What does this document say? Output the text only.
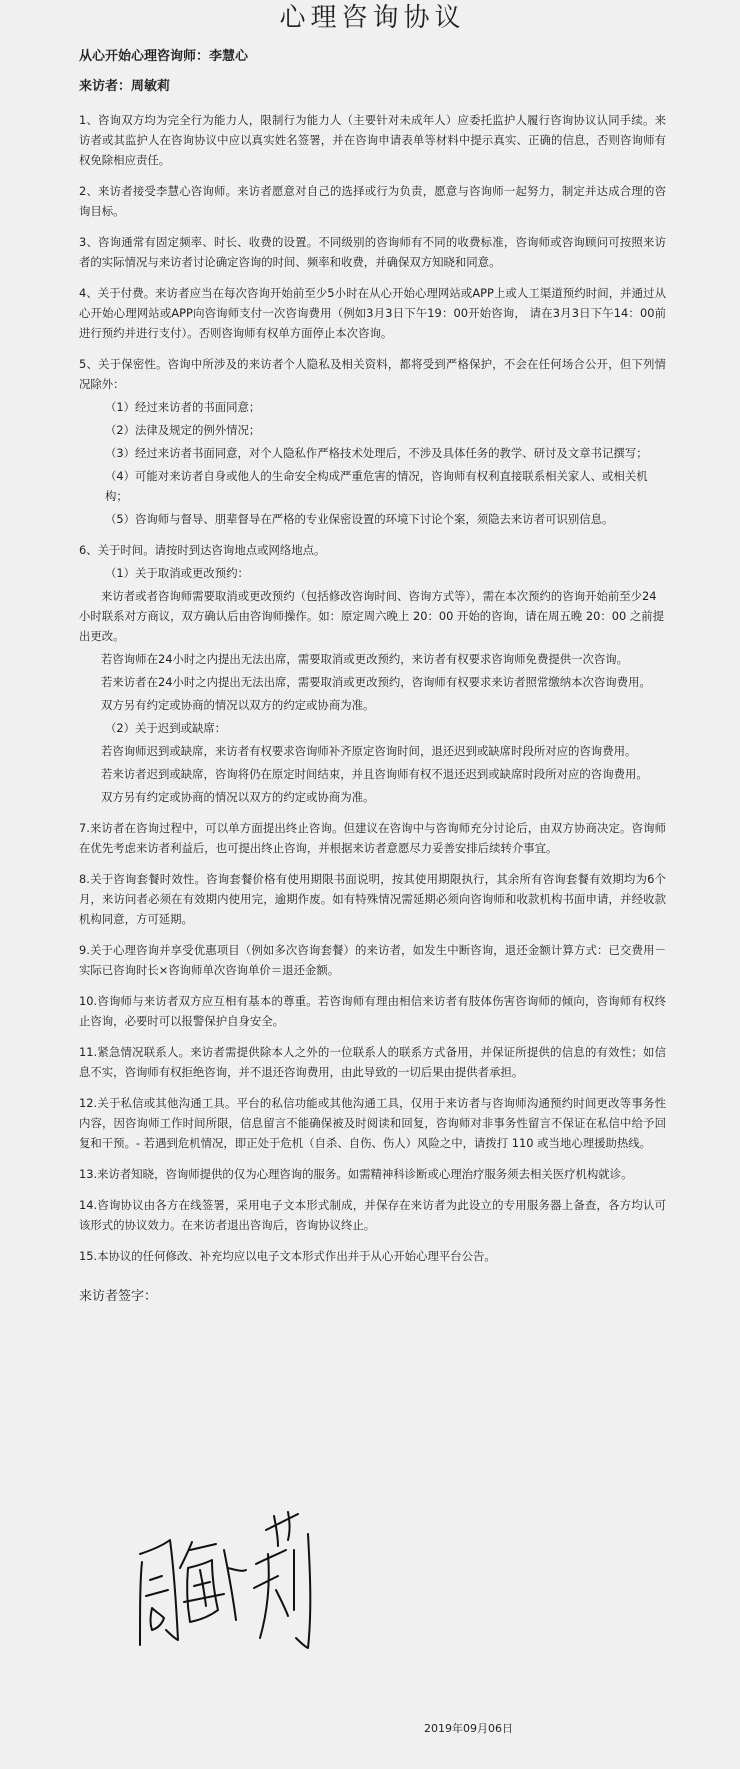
心理咨询协议
从心开始心理咨询师：李慧心
来访者：周敏莉

1、咨询双方均为完全行为能力人，限制行为能力人（主要针对未成年人）应委托监护人履行咨询协议认同手续。来访者或其监护人在咨询协议中应以真实姓名签署，并在咨询申请表单等材料中提示真实、正确的信息，否则咨询师有权免除相应责任。

2、来访者接受李慧心咨询师。来访者愿意对自己的选择或行为负责，愿意与咨询师一起努力，制定并达成合理的咨询目标。

3、咨询通常有固定频率、时长、收费的设置。不同级别的咨询师有不同的收费标准，咨询师或咨询顾问可按照来访者的实际情况与来访者讨论确定咨询的时间、频率和收费，并确保双方知晓和同意。

4、关于付费。来访者应当在每次咨询开始前至少5小时在从心开始心理网站或APP上或人工渠道预约时间，并通过从心开始心理网站或APP向咨询师支付一次咨询费用（例如3月3日下午19：00开始咨询， 请在3月3日下午14：00前进行预约并进行支付）。否则咨询师有权单方面停止本次咨询。

5、关于保密性。咨询中所涉及的来访者个人隐私及相关资料，都将受到严格保护，不会在任何场合公开，但下列情况除外：

（1）经过来访者的书面同意；
（2）法律及规定的例外情况；
（3）经过来访者书面同意，对个人隐私作严格技术处理后，不涉及具体任务的教学、研讨及文章书记撰写；
（4）可能对来访者自身或他人的生命安全构成严重危害的情况，咨询师有权利直接联系相关家人、或相关机构；
（5）咨询师与督导、朋辈督导在严格的专业保密设置的环境下讨论个案，须隐去来访者可识别信息。

6、关于时间。请按时到达咨询地点或网络地点。

（1）关于取消或更改预约：
来访者或者咨询师需要取消或更改预约（包括修改咨询时间、咨询方式等），需在本次预约的咨询开始前至少24小时联系对方商议，双方确认后由咨询师操作。如：原定周六晚上 20：00 开始的咨询，请在周五晚 20：00 之前提出更改。
若咨询师在24小时之内提出无法出席，需要取消或更改预约，来访者有权要求咨询师免费提供一次咨询。
若来访者在24小时之内提出无法出席，需要取消或更改预约，咨询师有权要求来访者照常缴纳本次咨询费用。
双方另有约定或协商的情况以双方的约定或协商为准。
（2）关于迟到或缺席：
若咨询师迟到或缺席，来访者有权要求咨询师补齐原定咨询时间，退还迟到或缺席时段所对应的咨询费用。
若来访者迟到或缺席，咨询将仍在原定时间结束，并且咨询师有权不退还迟到或缺席时段所对应的咨询费用。
双方另有约定或协商的情况以双方的约定或协商为准。

7.来访者在咨询过程中，可以单方面提出终止咨询。但建议在咨询中与咨询师充分讨论后，由双方协商决定。咨询师在优先考虑来访者利益后，也可提出终止咨询，并根据来访者意愿尽力妥善安排后续转介事宜。

8.关于咨询套餐时效性。咨询套餐价格有使用期限书面说明，按其使用期限执行，其余所有咨询套餐有效期均为6个月，来访问者必须在有效期内使用完，逾期作废。如有特殊情况需延期必须向咨询师和收款机构书面申请，并经收款机构同意，方可延期。

9.关于心理咨询并享受优惠项目（例如多次咨询套餐）的来访者，如发生中断咨询，退还金额计算方式：已交费用－实际已咨询时长×咨询师单次咨询单价＝退还金额。

10.咨询师与来访者双方应互相有基本的尊重。若咨询师有理由相信来访者有肢体伤害咨询师的倾向，咨询师有权终止咨询，必要时可以报警保护自身安全。

11.紧急情况联系人。来访者需提供除本人之外的一位联系人的联系方式备用，并保证所提供的信息的有效性；如信息不实，咨询师有权拒绝咨询，并不退还咨询费用，由此导致的一切后果由提供者承担。

12.关于私信或其他沟通工具。平台的私信功能或其他沟通工具，仅用于来访者与咨询师沟通预约时间更改等事务性内容，因咨询师工作时间所限，信息留言不能确保被及时阅读和回复，咨询师对非事务性留言不保证在私信中给予回复和干预。- 若遇到危机情况，即正处于危机（自杀、自伤、伤人）风险之中，请拨打 110 或当地心理援助热线。

13.来访者知晓，咨询师提供的仅为心理咨询的服务。如需精神科诊断或心理治疗服务须去相关医疗机构就诊。

14.咨询协议由各方在线签署，采用电子文本形式制成，并保存在来访者为此设立的专用服务器上备查，各方均认可该形式的协议效力。在来访者退出咨询后，咨询协议终止。

15.本协议的任何修改、补充均应以电子文本形式作出并于从心开始心理平台公告。

来访者签字：
2019年09月06日
